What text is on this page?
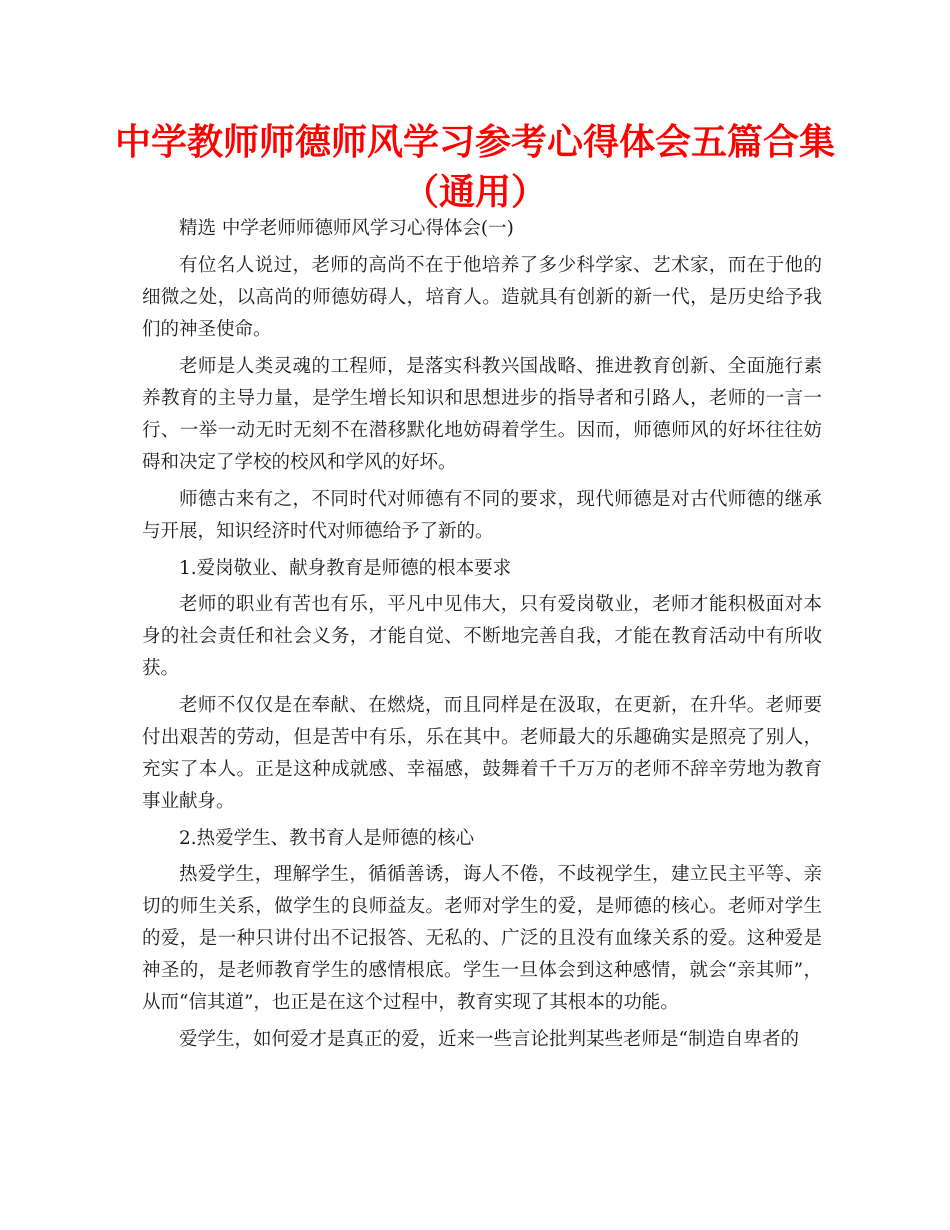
中学教师师德师风学习参考心得体会五篇合集（通用）

精选 中学老师师德师风学习心得体会(一)

有位名人说过，老师的高尚不在于他培养了多少科学家、艺术家，而在于他的细微之处，以高尚的师德妨碍人，培育人。造就具有创新的新一代，是历史给予我们的神圣使命。

老师是人类灵魂的工程师，是落实科教兴国战略、推进教育创新、全面施行素养教育的主导力量，是学生增长知识和思想进步的指导者和引路人，老师的一言一行、一举一动无时无刻不在潜移默化地妨碍着学生。因而，师德师风的好坏往往妨碍和决定了学校的校风和学风的好坏。

师德古来有之，不同时代对师德有不同的要求，现代师德是对古代师德的继承与开展，知识经济时代对师德给予了新的。

1.爱岗敬业、献身教育是师德的根本要求

老师的职业有苦也有乐，平凡中见伟大，只有爱岗敬业，老师才能积极面对本身的社会责任和社会义务，才能自觉、不断地完善自我，才能在教育活动中有所收获。

老师不仅仅是在奉献、在燃烧，而且同样是在汲取，在更新，在升华。老师要付出艰苦的劳动，但是苦中有乐，乐在其中。老师最大的乐趣确实是照亮了别人，充实了本人。正是这种成就感、幸福感，鼓舞着千千万万的老师不辞辛劳地为教育事业献身。

2.热爱学生、教书育人是师德的核心

热爱学生，理解学生，循循善诱，诲人不倦，不歧视学生，建立民主平等、亲切的师生关系，做学生的良师益友。老师对学生的爱，是师德的核心。老师对学生的爱，是一种只讲付出不记报答、无私的、广泛的且没有血缘关系的爱。这种爱是神圣的，是老师教育学生的感情根底。学生一旦体会到这种感情，就会“亲其师”，从而“信其道”，也正是在这个过程中，教育实现了其根本的功能。

爱学生，如何爱才是真正的爱，近来一些言论批判某些老师是“制造自卑者的
